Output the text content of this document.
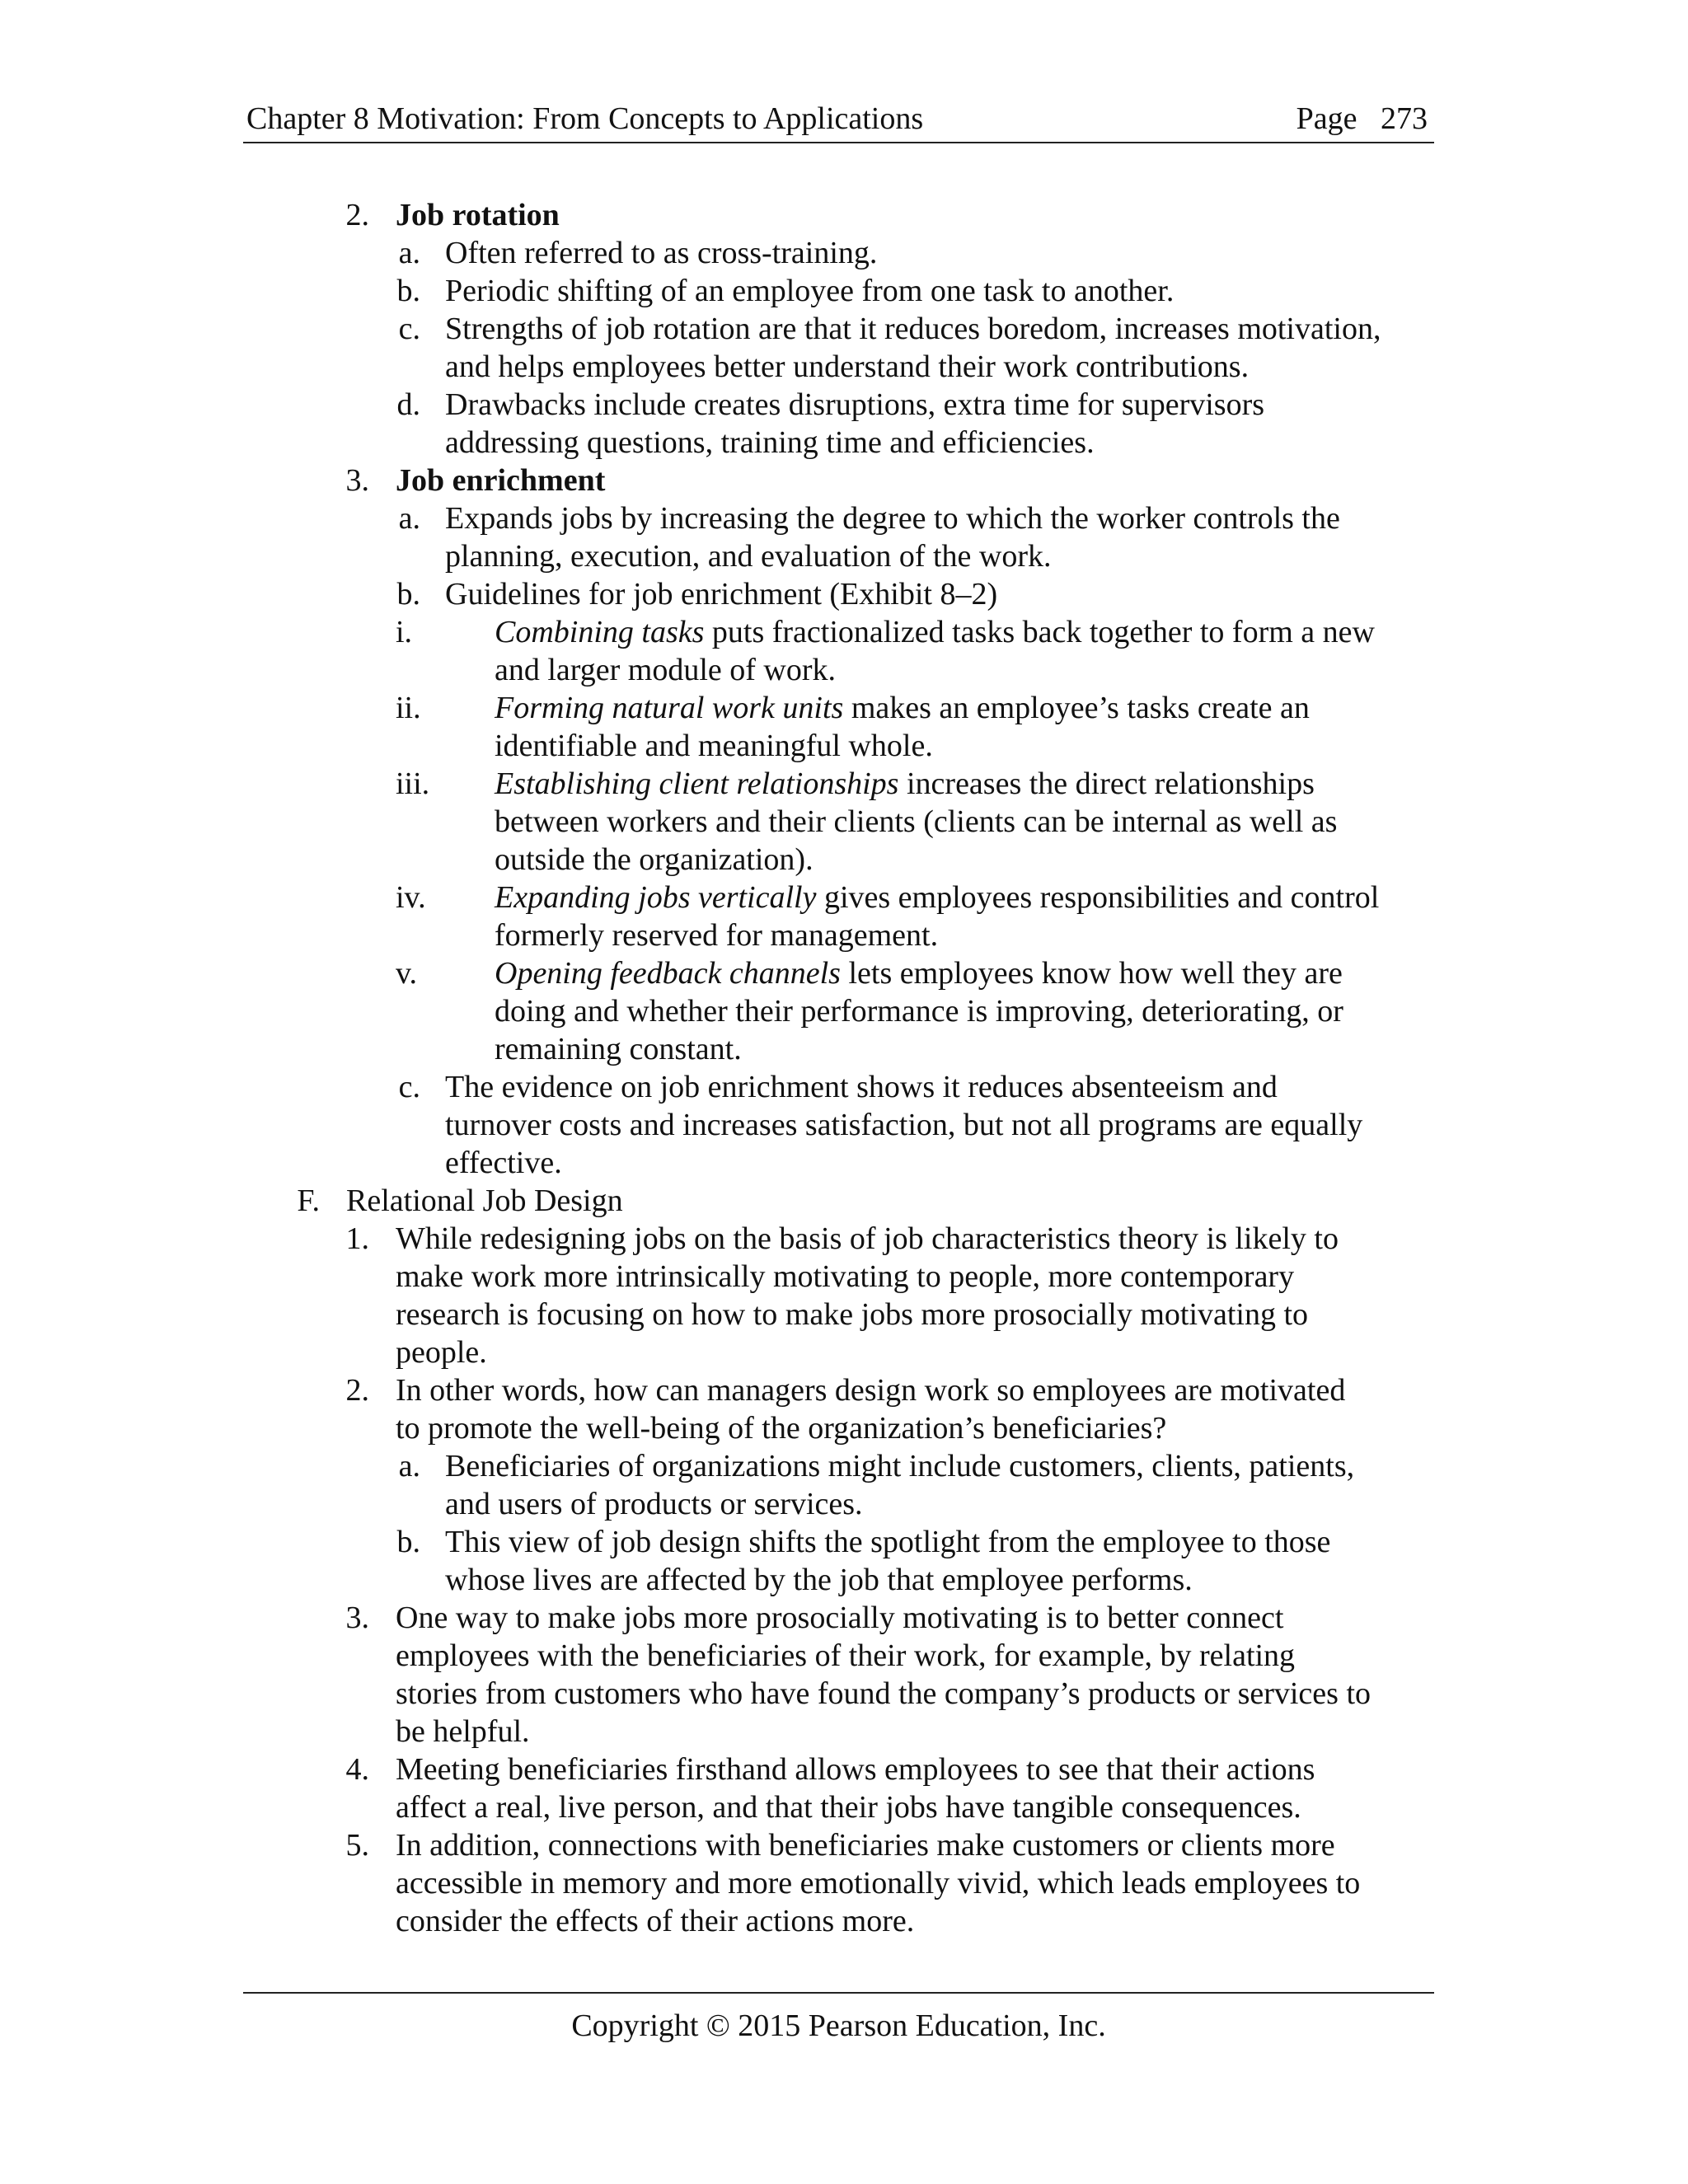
Chapter 8 Motivation: From Concepts to Applications	Page   273
2. Job rotation
a. Often referred to as cross-training.
b. Periodic shifting of an employee from one task to another.
c. Strengths of job rotation are that it reduces boredom, increases motivation,
and helps employees better understand their work contributions.
d. Drawbacks include creates disruptions, extra time for supervisors
addressing questions, training time and efficiencies.
3. Job enrichment
a. Expands jobs by increasing the degree to which the worker controls the
planning, execution, and evaluation of the work.
b. Guidelines for job enrichment (Exhibit 8–2)
i.	Combining tasks puts fractionalized tasks back together to form a new
and larger module of work.
ii.	Forming natural work units makes an employee’s tasks create an
identifiable and meaningful whole.
iii.	Establishing client relationships increases the direct relationships
between workers and their clients (clients can be internal as well as
outside the organization).
iv.	Expanding jobs vertically gives employees responsibilities and control
formerly reserved for management.
v.	Opening feedback channels lets employees know how well they are
doing and whether their performance is improving, deteriorating, or
remaining constant.
c. The evidence on job enrichment shows it reduces absenteeism and
turnover costs and increases satisfaction, but not all programs are equally
effective.
F. Relational Job Design
1. While redesigning jobs on the basis of job characteristics theory is likely to
make work more intrinsically motivating to people, more contemporary
research is focusing on how to make jobs more prosocially motivating to
people.
2. In other words, how can managers design work so employees are motivated
to promote the well-being of the organization’s beneficiaries?
a. Beneficiaries of organizations might include customers, clients, patients,
and users of products or services.
b. This view of job design shifts the spotlight from the employee to those
whose lives are affected by the job that employee performs.
3. One way to make jobs more prosocially motivating is to better connect
employees with the beneficiaries of their work, for example, by relating
stories from customers who have found the company’s products or services to
be helpful.
4. Meeting beneficiaries firsthand allows employees to see that their actions
affect a real, live person, and that their jobs have tangible consequences.
5. In addition, connections with beneficiaries make customers or clients more
accessible in memory and more emotionally vivid, which leads employees to
consider the effects of their actions more.
Copyright © 2015 Pearson Education, Inc.
